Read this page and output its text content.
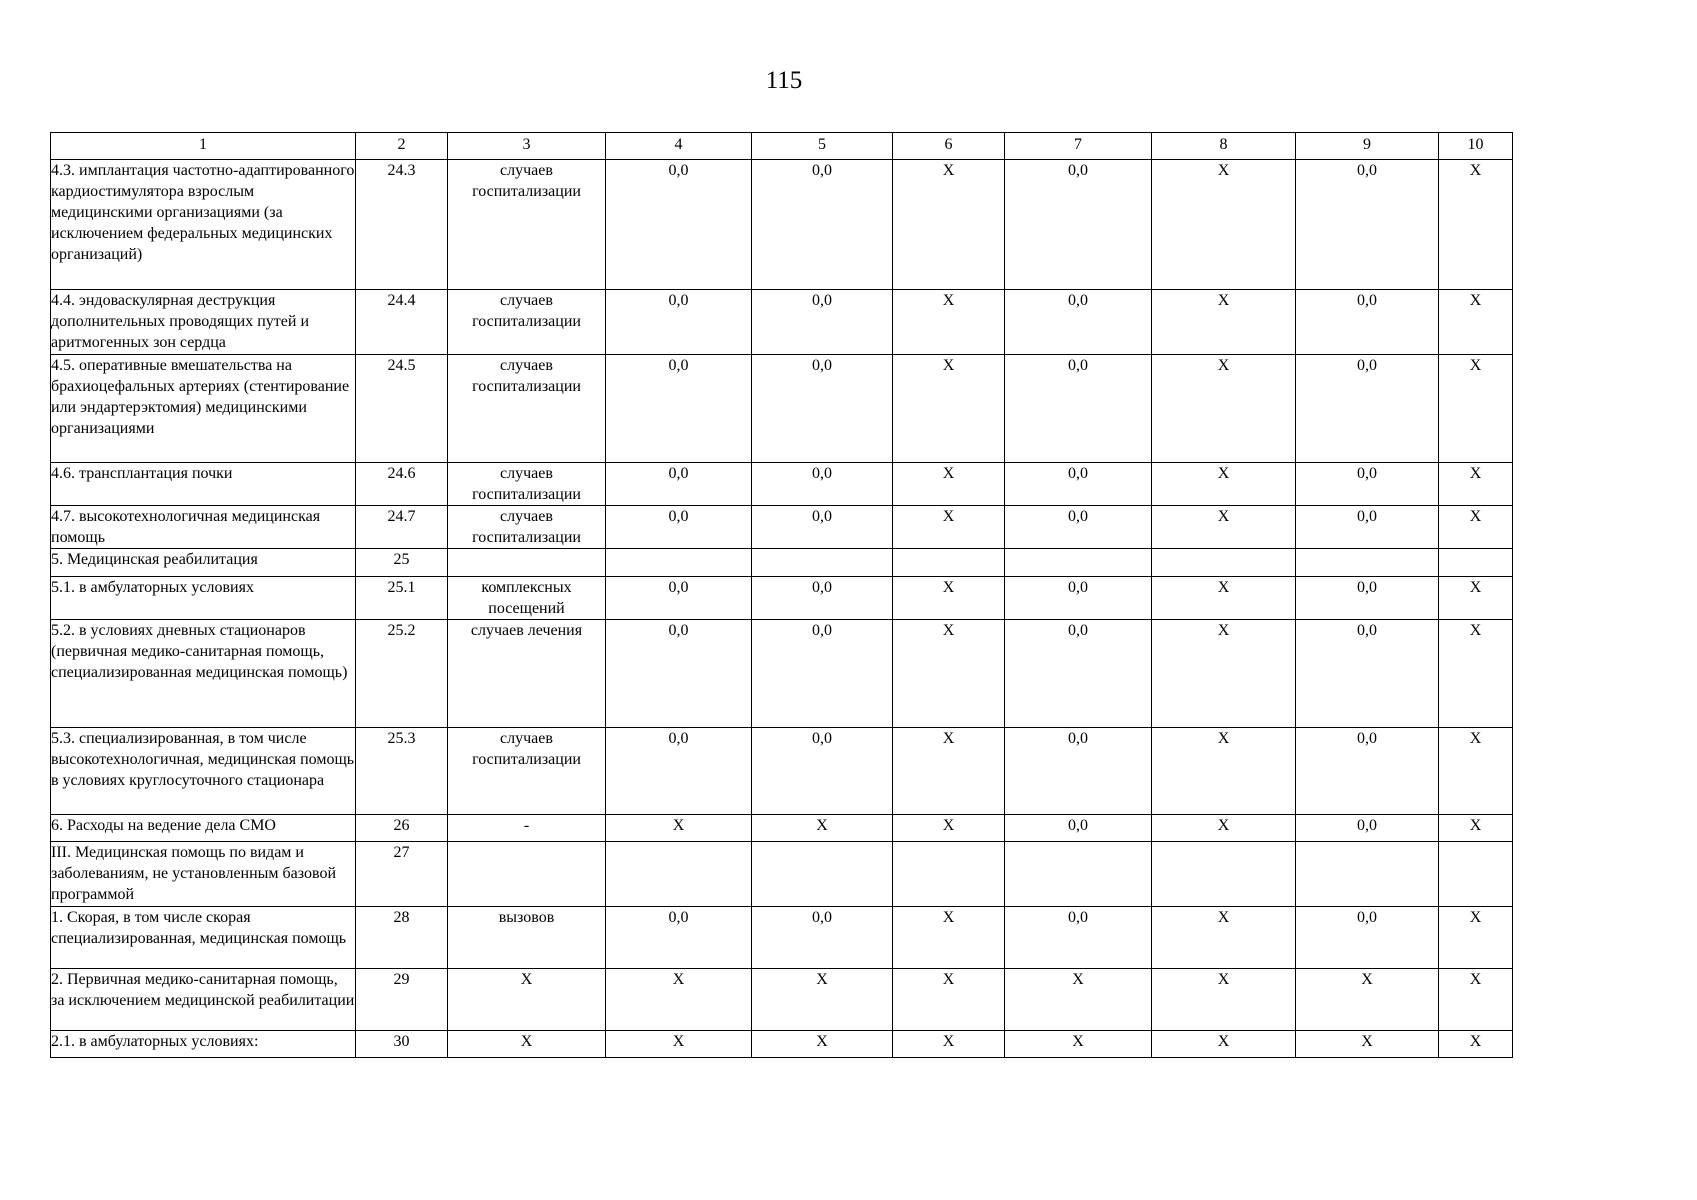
115
1	2	3	4	5	6	7	8	9	10
4.3. имплантация частотно-адаптированного кардиостимулятора взрослым медицинскими организациями (за исключением федеральных медицинских организаций)	24.3	случаев госпитализации	0,0	0,0	Х	0,0	Х	0,0	Х
4.4. эндоваскулярная деструкция дополнительных проводящих путей и аритмогенных зон сердца	24.4	случаев госпитализации	0,0	0,0	Х	0,0	Х	0,0	Х
4.5. оперативные вмешательства на брахиоцефальных артериях (стентирование или эндартерэктомия) медицинскими организациями	24.5	случаев госпитализации	0,0	0,0	Х	0,0	Х	0,0	Х
4.6. трансплантация почки	24.6	случаев госпитализации	0,0	0,0	Х	0,0	Х	0,0	Х
4.7. высокотехнологичная медицинская помощь	24.7	случаев госпитализации	0,0	0,0	Х	0,0	Х	0,0	Х
5. Медицинская реабилитация	25								
5.1. в амбулаторных условиях	25.1	комплексных посещений	0,0	0,0	Х	0,0	Х	0,0	Х
5.2. в условиях дневных стационаров (первичная медико-санитарная помощь, специализированная медицинская помощь)	25.2	случаев лечения	0,0	0,0	Х	0,0	Х	0,0	Х
5.3. специализированная, в том числе высокотехнологичная, медицинская помощь в условиях круглосуточного стационара	25.3	случаев госпитализации	0,0	0,0	Х	0,0	Х	0,0	Х
6. Расходы на ведение дела СМО	26	-	Х	Х	Х	0,0	Х	0,0	Х
III. Медицинская помощь по видам и заболеваниям, не установленным базовой программой	27								
1. Скорая, в том числе скорая специализированная, медицинская помощь	28	вызовов	0,0	0,0	Х	0,0	Х	0,0	Х
2. Первичная медико-санитарная помощь, за исключением медицинской реабилитации	29	Х	Х	Х	Х	Х	Х	Х	Х
2.1. в амбулаторных условиях:	30	Х	Х	Х	Х	Х	Х	Х	Х
